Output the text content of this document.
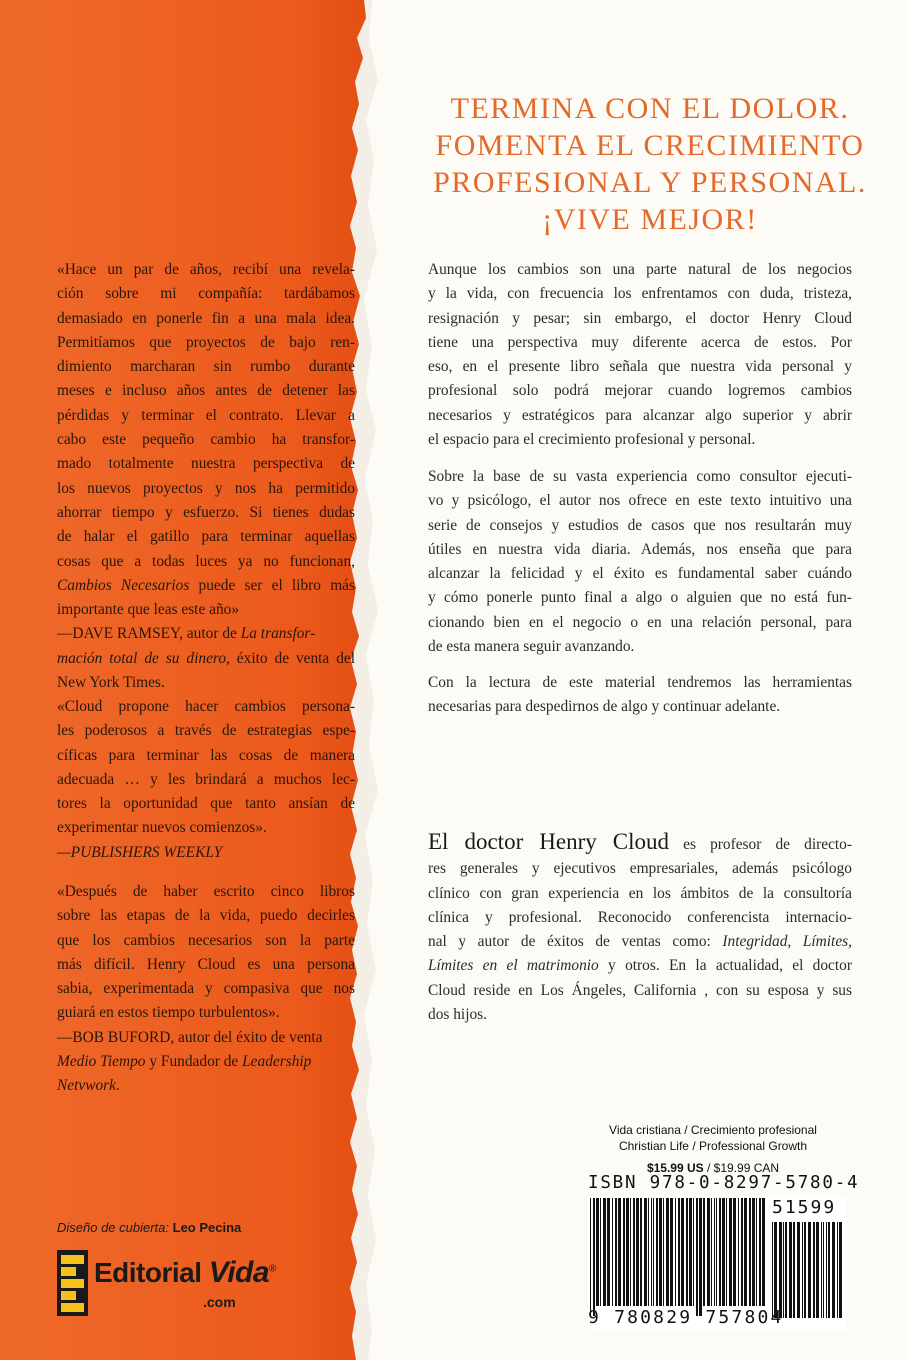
«Hace un par de años, recibí una revela-
ción sobre mi compañía: tardábamos
demasiado en ponerle fin a una mala idea.
Permitíamos que proyectos de bajo ren-
dimiento marcharan sin rumbo durante
meses e incluso años antes de detener las
pérdidas y terminar el contrato. Llevar a
cabo este pequeño cambio ha transfor-
mado totalmente nuestra perspectiva de
los nuevos proyectos y nos ha permitido
ahorrar tiempo y esfuerzo. Si tienes dudas
de halar el gatillo para terminar aquellas
cosas que a todas luces ya no funcionan,

Cambios Necesarios puede ser el libro más

importante que leas este año»

—DAVE RAMSEY, autor de La transfor-

mación total de su dinero, éxito de venta del

New York Times.

«Cloud propone hacer cambios persona-
les poderosos a través de estrategias espe-
cíficas para terminar las cosas de manera
adecuada … y les brindará a muchos lec-
tores la oportunidad que tanto ansían de
experimentar nuevos comienzos».

—PUBLISHERS WEEKLY

«Después de haber escrito cinco libros
sobre las etapas de la vida, puedo decirles
que los cambios necesarios son la parte
más difícil. Henry Cloud es una persona
sabia, experimentada y compasiva que nos
guiará en estos tiempo turbulentos».

—BOB BUFORD, autor del éxito de venta

Medio Tiempo y Fundador de Leadership

Netvwork.

TERMINA CON EL DOLOR.
FOMENTA EL CRECIMIENTO
PROFESIONAL Y PERSONAL.
¡VIVE MEJOR!

Aunque los cambios son una parte natural de los negocios
y la vida, con frecuencia los enfrentamos con duda, tristeza,
resignación y pesar; sin embargo, el doctor Henry Cloud
tiene una perspectiva muy diferente acerca de estos. Por
eso, en el presente libro señala que nuestra vida personal y
profesional solo podrá mejorar cuando logremos cambios
necesarios y estratégicos para alcanzar algo superior y abrir
el espacio para el crecimiento profesional y personal.

Sobre la base de su vasta experiencia como consultor ejecuti-
vo y psicólogo, el autor nos ofrece en este texto intuitivo una
serie de consejos y estudios de casos que nos resultarán muy
útiles en nuestra vida diaria. Además, nos enseña que para
alcanzar la felicidad y el éxito es fundamental saber cuándo
y cómo ponerle punto final a algo o alguien que no está fun-
cionando bien en el negocio o en una relación personal, para
de esta manera seguir avanzando.

Con la lectura de este material tendremos las herramientas
necesarias para despedirnos de algo y continuar adelante.

El doctor Henry Cloud es profesor de directo-

res generales y ejecutivos empresariales, además psicólogo
clínico con gran experiencia en los ámbitos de la consultoría
clínica y profesional. Reconocido conferencista internacio-

nal y autor de éxitos de ventas como: Integridad, Límites,

Límites en el matrimonio y otros. En la actualidad, el doctor

Cloud reside en Los Ángeles, California , con su esposa y sus

dos hijos.

Vida cristiana / Crecimiento profesional
Christian Life / Professional Growth
$15.99 US / $19.99 CAN
ISBN 978-0-8297-5780-4
51599
9 780829 757804
Diseño de cubierta: Leo Pecina
Editorial Vida®
.com
